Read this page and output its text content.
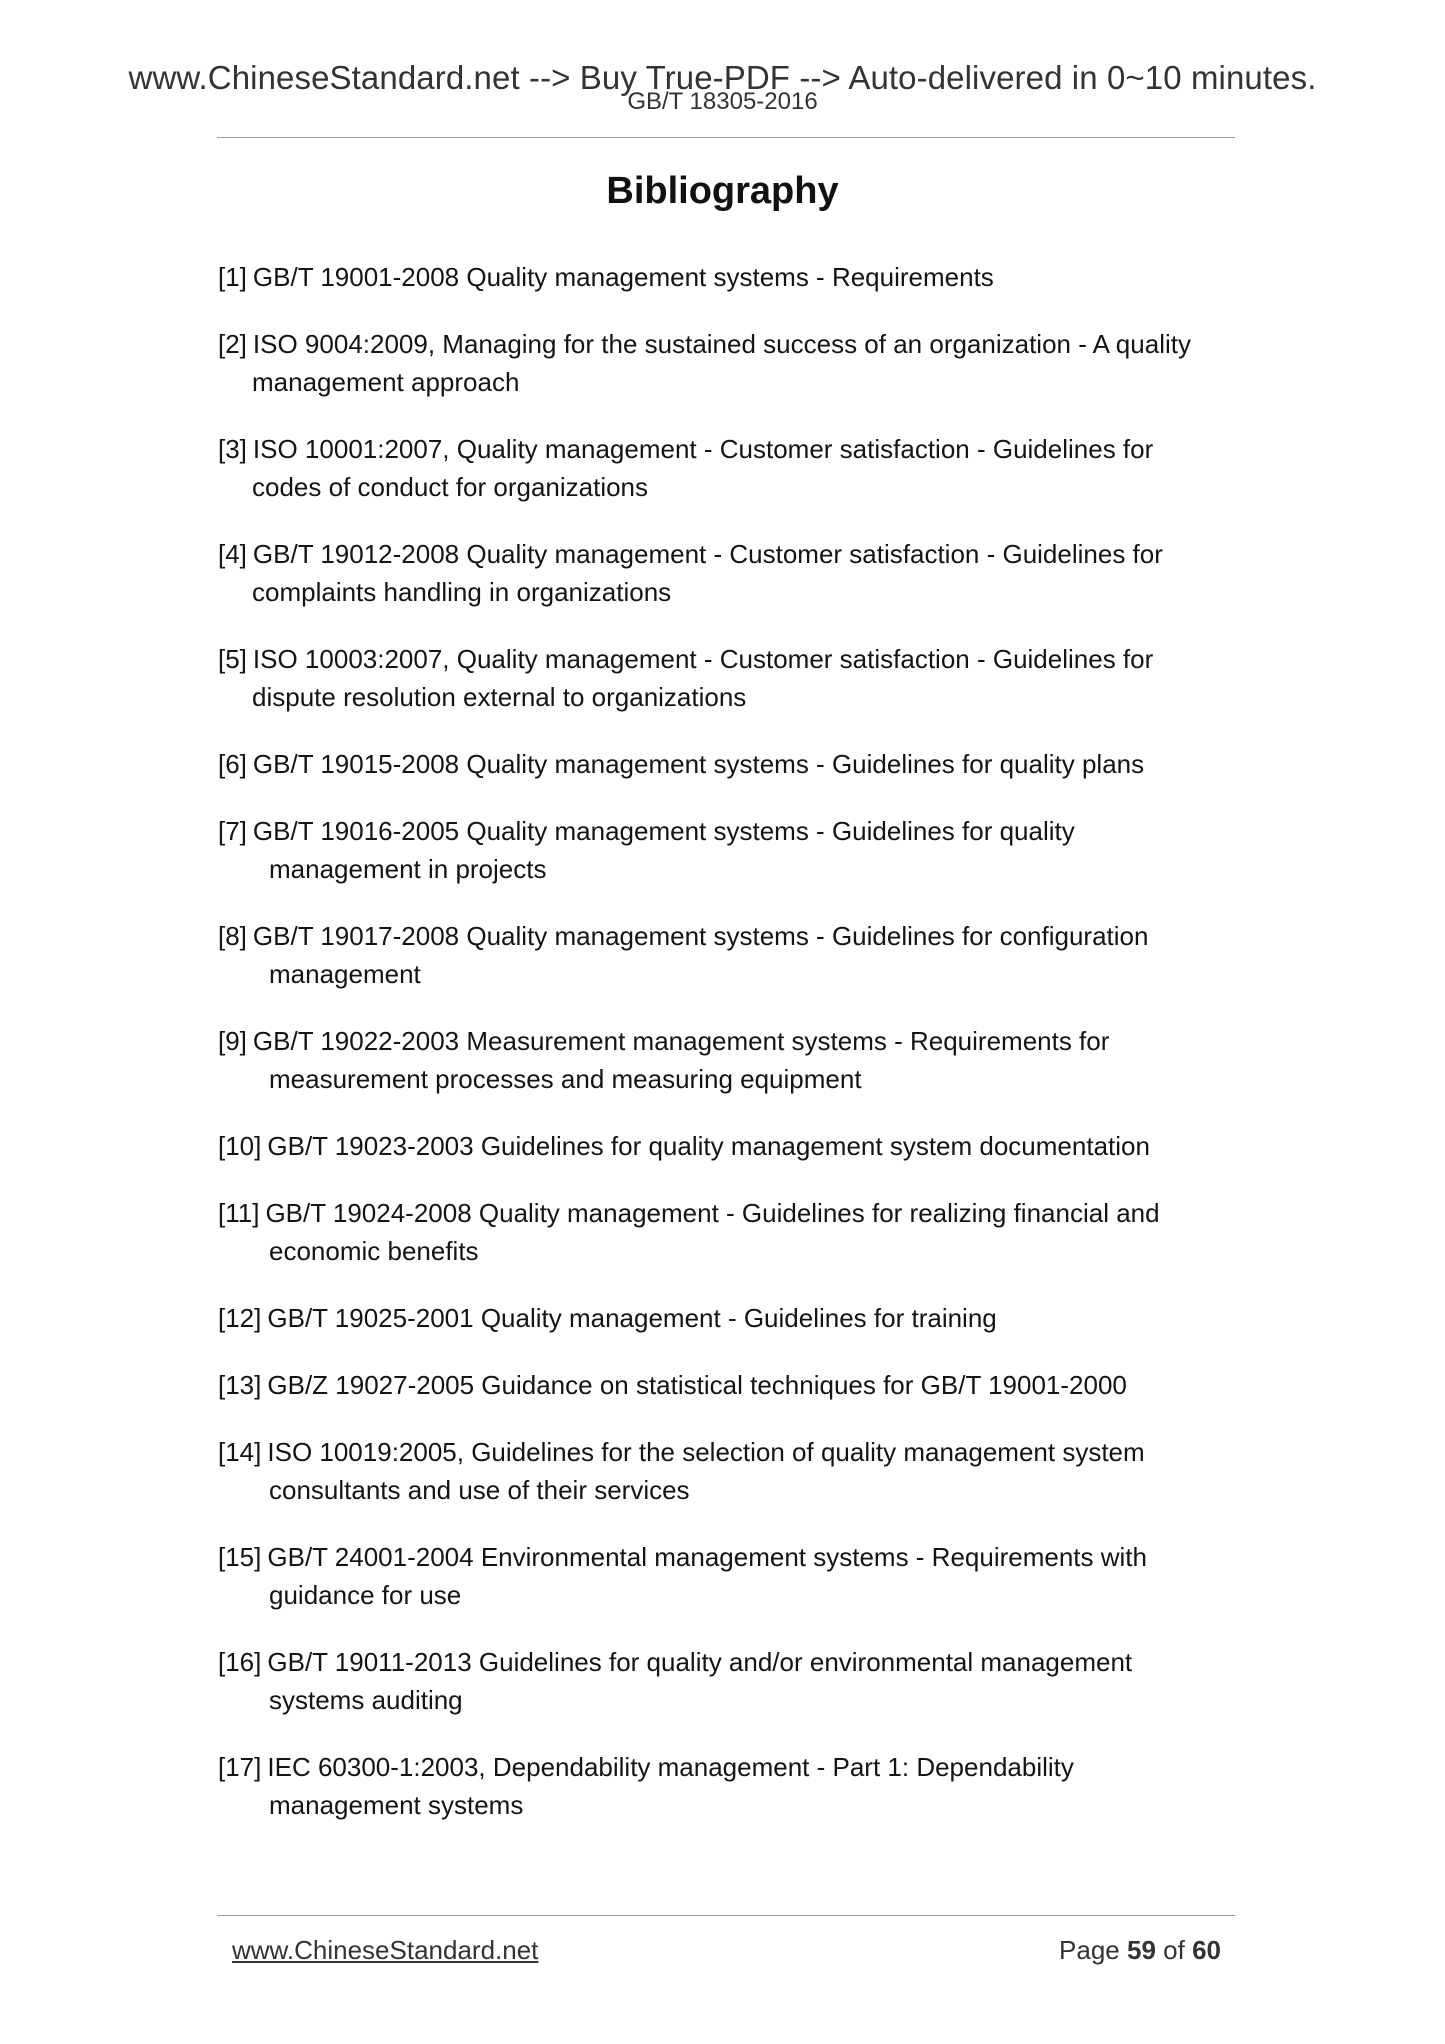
www.ChineseStandard.net --> Buy True-PDF --> Auto-delivered in 0~10 minutes.
GB/T 18305-2016
Bibliography
[1] GB/T 19001-2008 Quality management systems - Requirements
[2] ISO 9004:2009, Managing for the sustained success of an organization - A quality
management approach
[3] ISO 10001:2007, Quality management - Customer satisfaction - Guidelines for
codes of conduct for organizations
[4] GB/T 19012-2008 Quality management - Customer satisfaction - Guidelines for
complaints handling in organizations
[5] ISO 10003:2007, Quality management - Customer satisfaction - Guidelines for
dispute resolution external to organizations
[6] GB/T 19015-2008 Quality management systems - Guidelines for quality plans
[7] GB/T 19016-2005 Quality management systems - Guidelines for quality
management in projects
[8] GB/T 19017-2008 Quality management systems - Guidelines for configuration
management
[9] GB/T 19022-2003 Measurement management systems - Requirements for
measurement processes and measuring equipment
[10] GB/T 19023-2003 Guidelines for quality management system documentation
[11] GB/T 19024-2008 Quality management - Guidelines for realizing financial and
economic benefits
[12] GB/T 19025-2001 Quality management - Guidelines for training
[13] GB/Z 19027-2005 Guidance on statistical techniques for GB/T 19001-2000
[14] ISO 10019:2005, Guidelines for the selection of quality management system
consultants and use of their services
[15] GB/T 24001-2004 Environmental management systems - Requirements with
guidance for use
[16] GB/T 19011-2013 Guidelines for quality and/or environmental management
systems auditing
[17] IEC 60300-1:2003, Dependability management - Part 1: Dependability
management systems
www.ChineseStandard.net	Page 59 of 60
